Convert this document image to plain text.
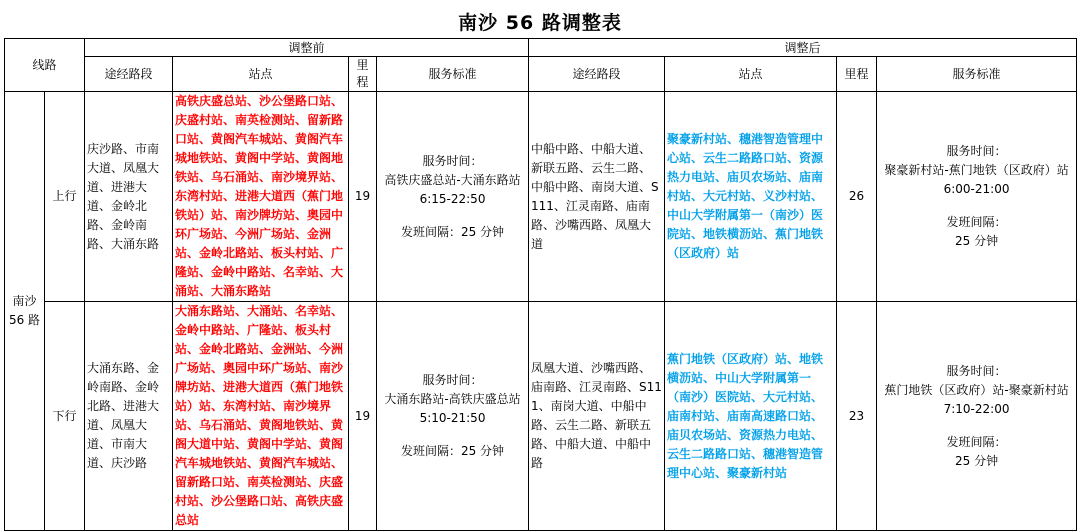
南沙 56 路调整表
线路		调整前				调整后			
		途经路段	站点	里程	服务标准	途经路段	站点	里程	服务标准
南沙 56 路	上行	庆沙路、市南大道、凤凰大道、进港大道、金岭北路、金岭南路、大涌东路	高铁庆盛总站、沙公堡路口站、庆盛村站、南英检测站、留新路口站、黄阁汽车城站、黄阁汽车城地铁站、黄阁中学站、黄阁地铁站、乌石涌站、南沙境界站、东湾村站、进港大道西（蕉门地铁站）站、南沙牌坊站、奥园中环广场站、今洲广场站、金洲站、金岭北路站、板头村站、广隆站、金岭中路站、名幸站、大涌站、大涌东路站	19	服务时间：
高铁庆盛总站-大涌东路站
6:15-22:50
发班间隔：25 分钟	中船中路、中船大道、新联五路、云生二路、中船中路、南岗大道、S111、江灵南路、庙南路、沙嘴西路、凤凰大道	聚豪新村站、穗港智造管理中心站、云生二路路口站、资源热力电站、庙贝农场站、庙南村站、大元村站、义沙村站、中山大学附属第一（南沙）医院站、地铁横沥站、蕉门地铁（区政府）站	26	服务时间：
聚豪新村站-蕉门地铁（区政府）站
6:00-21:00
发班间隔：
25 分钟

	下行	大涌东路、金岭南路、金岭北路、进港大道、凤凰大道、市南大道、庆沙路	大涌东路站、大涌站、名幸站、金岭中路站、广隆站、板头村站、金岭北路站、金洲站、今洲广场站、奥园中环广场站、南沙牌坊站、进港大道西（蕉门地铁站）站、东湾村站、南沙境界站、乌石涌站、黄阁地铁站、黄阁大道中站、黄阁中学站、黄阁汽车城地铁站、黄阁汽车城站、留新路口站、南英检测站、庆盛村站、沙公堡路口站、高铁庆盛总站	19	服务时间：
大涌东路站-高铁庆盛总站
5:10-21:50
发班间隔：25 分钟	凤凰大道、沙嘴西路、庙南路、江灵南路、S111、南岗大道、中船中路、云生二路、新联五路、中船大道、中船中路	蕉门地铁（区政府）站、地铁横沥站、中山大学附属第一（南沙）医院站、大元村站、庙南村站、庙南高速路口站、庙贝农场站、资源热力电站、云生二路路口站、穗港智造管理中心站、聚豪新村站	23	服务时间：
蕉门地铁（区政府）站-聚豪新村站
7:10-22:00
发班间隔：
25 分钟
